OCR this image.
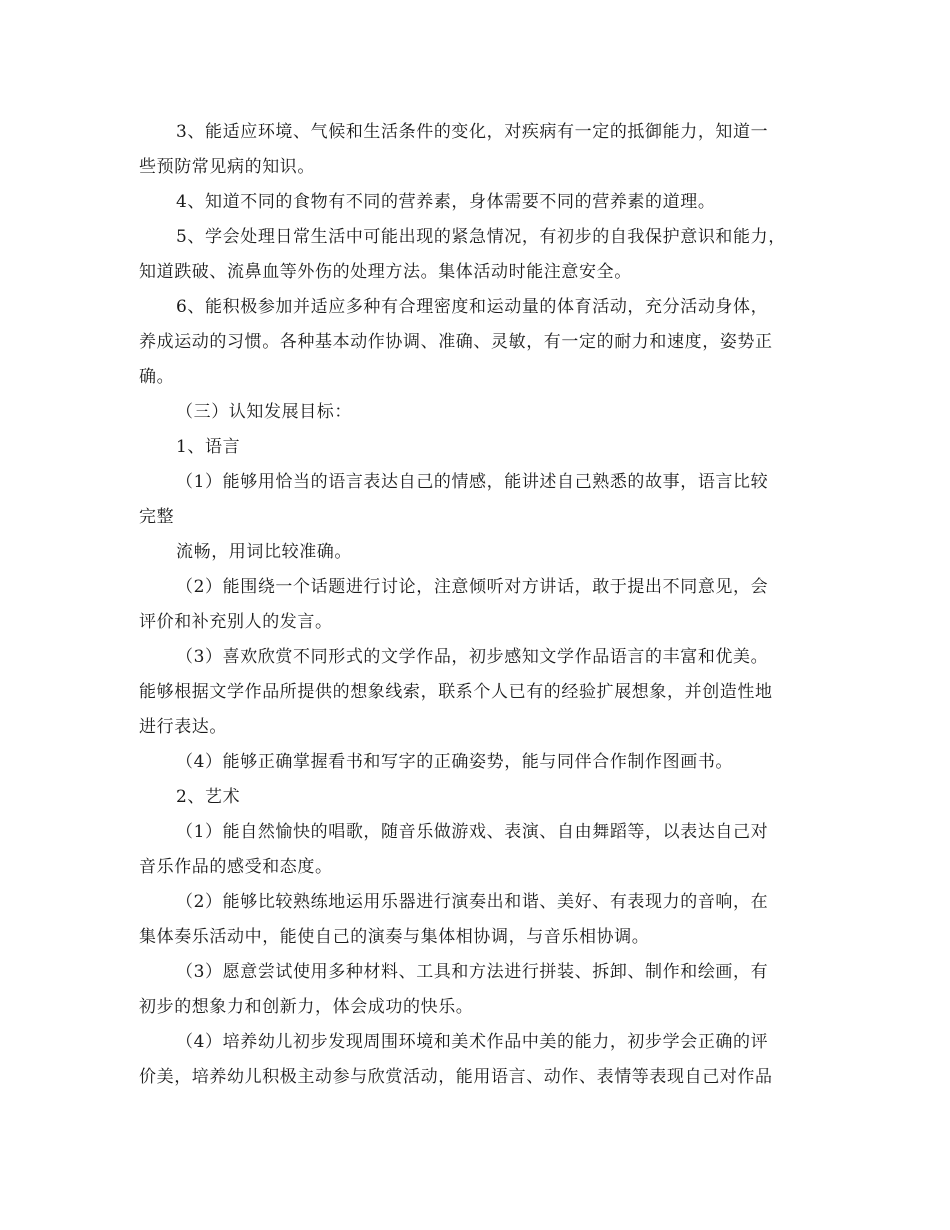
3、能适应环境、气候和生活条件的变化，对疾病有一定的抵御能力，知道一
些预防常见病的知识。
4、知道不同的食物有不同的营养素，身体需要不同的营养素的道理。
5、学会处理日常生活中可能出现的紧急情况，有初步的自我保护意识和能力，
知道跌破、流鼻血等外伤的处理方法。集体活动时能注意安全。
6、能积极参加并适应多种有合理密度和运动量的体育活动，充分活动身体，
养成运动的习惯。各种基本动作协调、准确、灵敏，有一定的耐力和速度，姿势正
确。
（三）认知发展目标：
1、语言
（1）能够用恰当的语言表达自己的情感，能讲述自己熟悉的故事，语言比较
完整
流畅，用词比较准确。
（2）能围绕一个话题进行讨论，注意倾听对方讲话，敢于提出不同意见，会
评价和补充别人的发言。
（3）喜欢欣赏不同形式的文学作品，初步感知文学作品语言的丰富和优美。
能够根据文学作品所提供的想象线索，联系个人已有的经验扩展想象，并创造性地
进行表达。
（4）能够正确掌握看书和写字的正确姿势，能与同伴合作制作图画书。
2、艺术
（1）能自然愉快的唱歌，随音乐做游戏、表演、自由舞蹈等，以表达自己对
音乐作品的感受和态度。
（2）能够比较熟练地运用乐器进行演奏出和谐、美好、有表现力的音响，在
集体奏乐活动中，能使自己的演奏与集体相协调，与音乐相协调。
（3）愿意尝试使用多种材料、工具和方法进行拼装、拆卸、制作和绘画，有
初步的想象力和创新力，体会成功的快乐。
（4）培养幼儿初步发现周围环境和美术作品中美的能力，初步学会正确的评
价美，培养幼儿积极主动参与欣赏活动，能用语言、动作、表情等表现自己对作品
